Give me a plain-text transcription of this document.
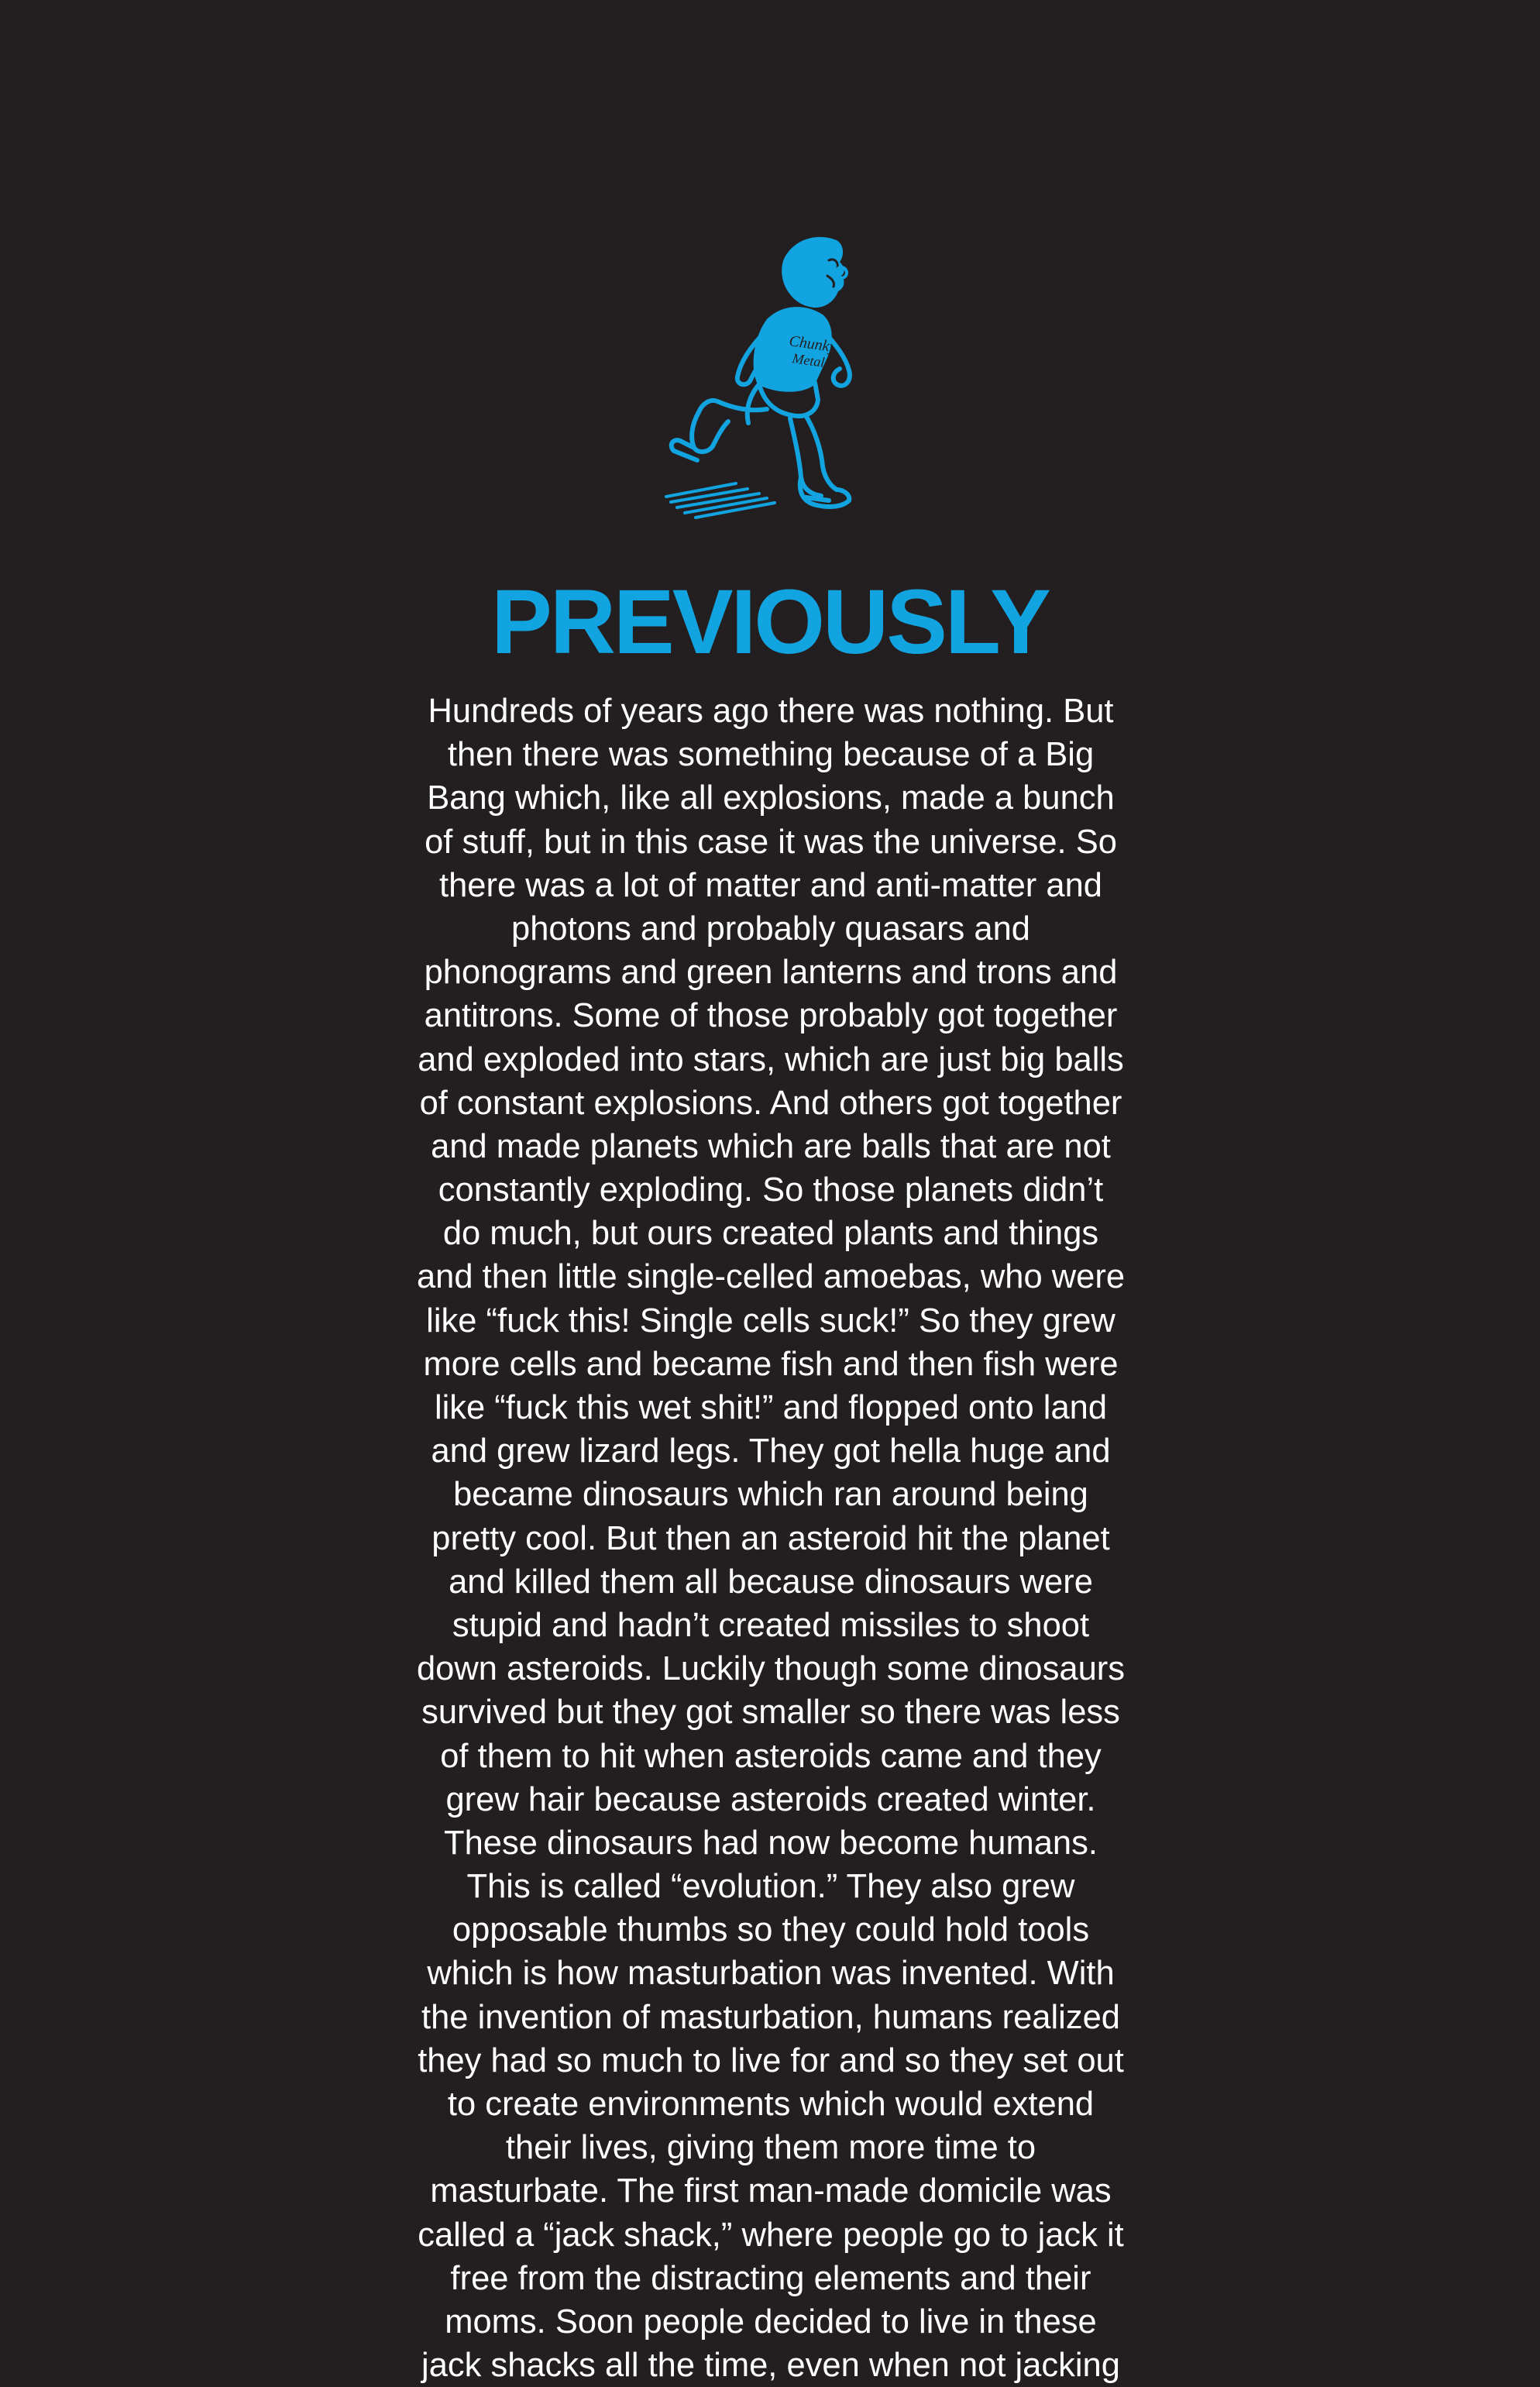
Chunky
Metal
PREVIOUSLY
Hundreds of years ago there was nothing. But
then there was something because of a Big
Bang which, like all explosions, made a bunch
of stuff, but in this case it was the universe. So
there was a lot of matter and anti-matter and
photons and probably quasars and
phonograms and green lanterns and trons and
antitrons. Some of those probably got together
and exploded into stars, which are just big balls
of constant explosions. And others got together
and made planets which are balls that are not
constantly exploding. So those planets didn’t
do much, but ours created plants and things
and then little single-celled amoebas, who were
like “fuck this! Single cells suck!” So they grew
more cells and became fish and then fish were
like “fuck this wet shit!” and flopped onto land
and grew lizard legs. They got hella huge and
became dinosaurs which ran around being
pretty cool. But then an asteroid hit the planet
and killed them all because dinosaurs were
stupid and hadn’t created missiles to shoot
down asteroids. Luckily though some dinosaurs
survived but they got smaller so there was less
of them to hit when asteroids came and they
grew hair because asteroids created winter.
These dinosaurs had now become humans.
This is called “evolution.” They also grew
opposable thumbs so they could hold tools
which is how masturbation was invented. With
the invention of masturbation, humans realized
they had so much to live for and so they set out
to create environments which would extend
their lives, giving them more time to
masturbate. The first man-made domicile was
called a “jack shack,” where people go to jack it
free from the distracting elements and their
moms. Soon people decided to live in these
jack shacks all the time, even when not jacking
